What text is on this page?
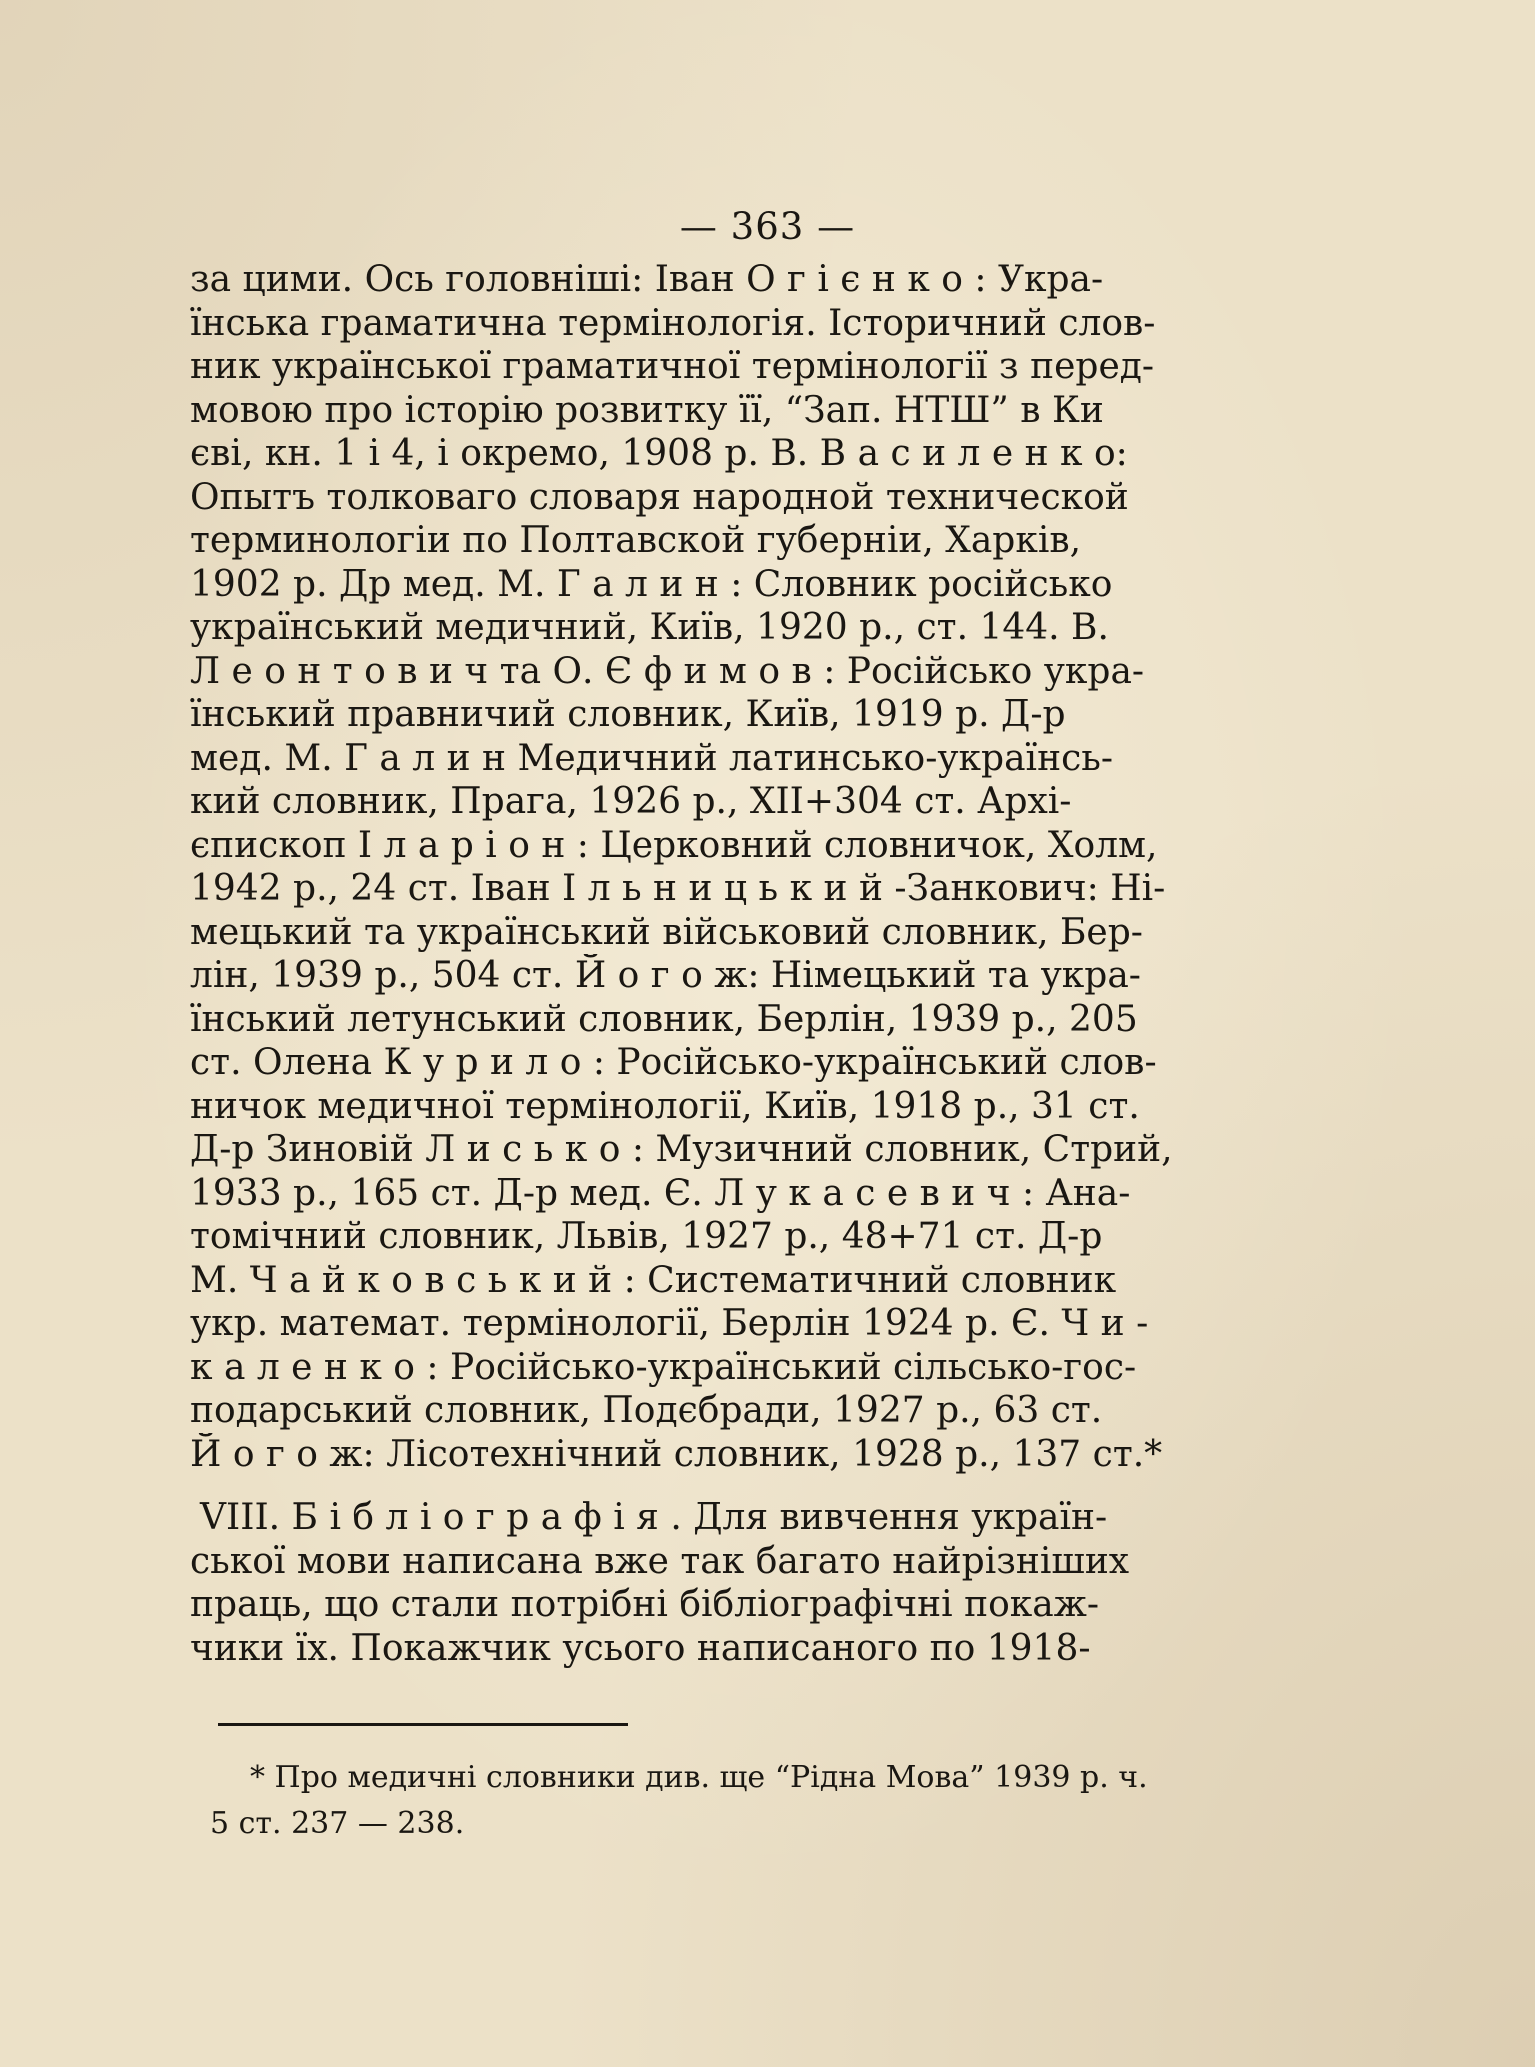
— 363 —
за цими. Ось головніші: Іван О г і є н к о : Укра-
їнська граматична термінологія. Історичний слов-
ник української граматичної термінології з перед-
мовою про історію розвитку її, “Зап. НТШ” в Ки
єві, кн. 1 і 4, і окремо, 1908 р. В. В а с и л е н к о:
Опытъ толковаго словаря народной технической
терминологіи по Полтавской губерніи, Харків,
1902 р. Др мед. М. Г а л и н : Словник російсько
український медичний, Київ, 1920 р., ст. 144. В.
Л е о н т о в и ч та О. Є ф и м о в : Російсько укра-
їнський правничий словник, Київ, 1919 р. Д-р
мед. М. Г а л и н Медичний латинсько-українсь-
кий словник, Прага, 1926 р., XII+304 ст. Архі-
єпископ І л а р і о н : Церковний словничок, Холм,
1942 р., 24 ст. Іван І л ь н и ц ь к и й -Занкович: Ні-
мецький та український військовий словник, Бер-
лін, 1939 р., 504 ст. Й о г о ж: Німецький та укра-
їнський летунський словник, Берлін, 1939 р., 205
ст. Олена К у р и л о : Російсько-український слов-
ничок медичної термінології, Київ, 1918 р., 31 ст.
Д-р Зиновій Л и с ь к о : Музичний словник, Стрий,
1933 р., 165 ст. Д-р мед. Є. Л у к а с е в и ч : Ана-
томічний словник, Львів, 1927 р., 48+71 ст. Д-р
М. Ч а й к о в с ь к и й : Систематичний словник
укр. математ. термінології, Берлін 1924 р. Є. Ч и -
к а л е н к о : Російсько-український сільсько-гос-
подарський словник, Подєбради, 1927 р., 63 ст.
Й о г о ж: Лісотехнічний словник, 1928 р., 137 ст.*
VIII. Б і б л і о г р а ф і я . Для вивчення україн-
ської мови написана вже так багато найрізніших
праць, що стали потрібні бібліографічні покаж-
чики їх. Покажчик усього написаного по 1918-
* Про медичні словники див. ще “Рідна Мова” 1939 р. ч.
5 ст. 237 — 238.
